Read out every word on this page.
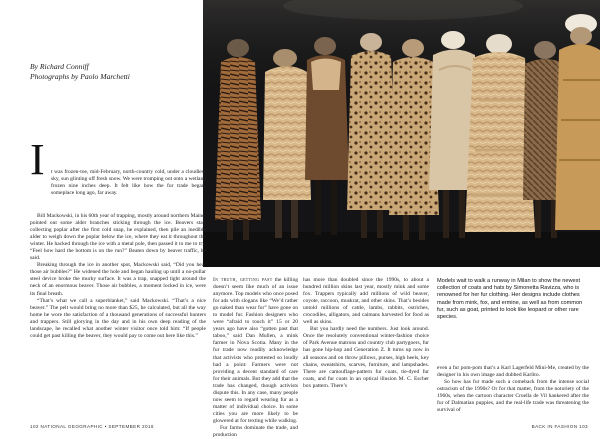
By Richard Conniff
Photographs by Paolo Marchetti
I t was frozen-toe, mid-February, north-country cold, under a cloudless sky, sun glinting off fresh snow. We were tromping out onto a wetland frozen nine inches deep. It felt like how the fur trade began, someplace long ago, far away.

Bill Mackowski, in his 60th year of trapping, mostly around northern Maine, pointed out some alder branches sticking through the ice. Beavers start collecting poplar after the first cold snap, he explained, then pile an inedible alder to weigh down the poplar below the ice, where they eat it throughout the winter. He hacked through the ice with a metal pole, then passed it to me to try. “Feel how hard the bottom is on the run?” Beaten down by beaver traffic, he said.

Breaking through the ice in another spot, Mackowski said, “Did you hear those air bubbles?” He widened the hole and began hauling up until a no-pullar steel device broke the murky surface. It was a trap, snapped tight around the neck of an enormous beaver. Those air bubbles, a moment locked in ice, were its final breath.

“That’s what we call a superblanket,” said Mackowski. “That’s a nice beaver.” The pelt would bring no more than $25, he calculated, but all the way home he wore the satisfaction of a thousand generations of successful hunters and trappers. Still glorying in the day and in his own deep reading of the landscape, he recalled what another winter visitor once told him: “If people could get past killing the beaver, they would pay to come out here like this.”

In truth, getting past the killing doesn’t seem like much of an issue anymore. Top models who once posed for ads with slogans like “We’d rather go naked than wear fur” have gone on to model fur. Fashion designers who were “afraid to touch it” 15 or 20 years ago have also “gotten past that taboo,” said Dan Mullen, a mink farmer in Nova Scotia. Many in the fur trade now readily acknowledge that activists who protested so loudly had a point: Farmers were not providing a decent standard of care for their animals. But they add that the trade has changed, though activists dispute this. In any case, many people now seem to regard wearing fur as a matter of individual choice. In some cities you are more likely to be glowered at for texting while walking.

Fur farms dominate the trade, and production

has more than doubled since the 1990s, to about a hundred million skins last year, mostly mink and some fox. Trappers typically add millions of wild beaver, coyote, raccoon, muskrat, and other skins. That’s besides untold millions of cattle, lambs, rabbits, ostriches, crocodiles, alligators, and caimans harvested for food as well as skins.

But you hardly need the numbers. Just look around. Once the resolutely conventional winter-fashion choice of Park Avenue matrons and country club partygoers, fur has gone hip-hop and Generation Z. It turns up now in all seasons and on throw pillows, purses, high heels, key chains, sweatshirts, scarves, furniture, and lampshades. There are camouflage-pattern fur coats, tie-dyed fur coats, and fur coats in an optical illusion M. C. Escher box pattern. There’s

Models wait to walk a runway in Milan to show the newest collection of coats and hats by Simonetta Ravizza, who is renowned for her fur clothing. Her designs include clothes made from mink, fox, and ermine, as well as from common fur, such as goat, printed to look like leopard or other rare species.

even a fur pom-pom that’s a Karl Lagerfeld Mini-Me, created by the designer in his own image and dubbed Karlito.

So how has fur made such a comeback from the intense social ostracism of the 1990s? Or for that matter, from the notoriety of the 1960s, when the cartoon character Cruella de Vil hankered after the fur of Dalmatian puppies, and the real-life trade was threatening the survival of

102 NATIONAL GEOGRAPHIC • SEPTEMBER 2016	BACK IN FASHION 103
